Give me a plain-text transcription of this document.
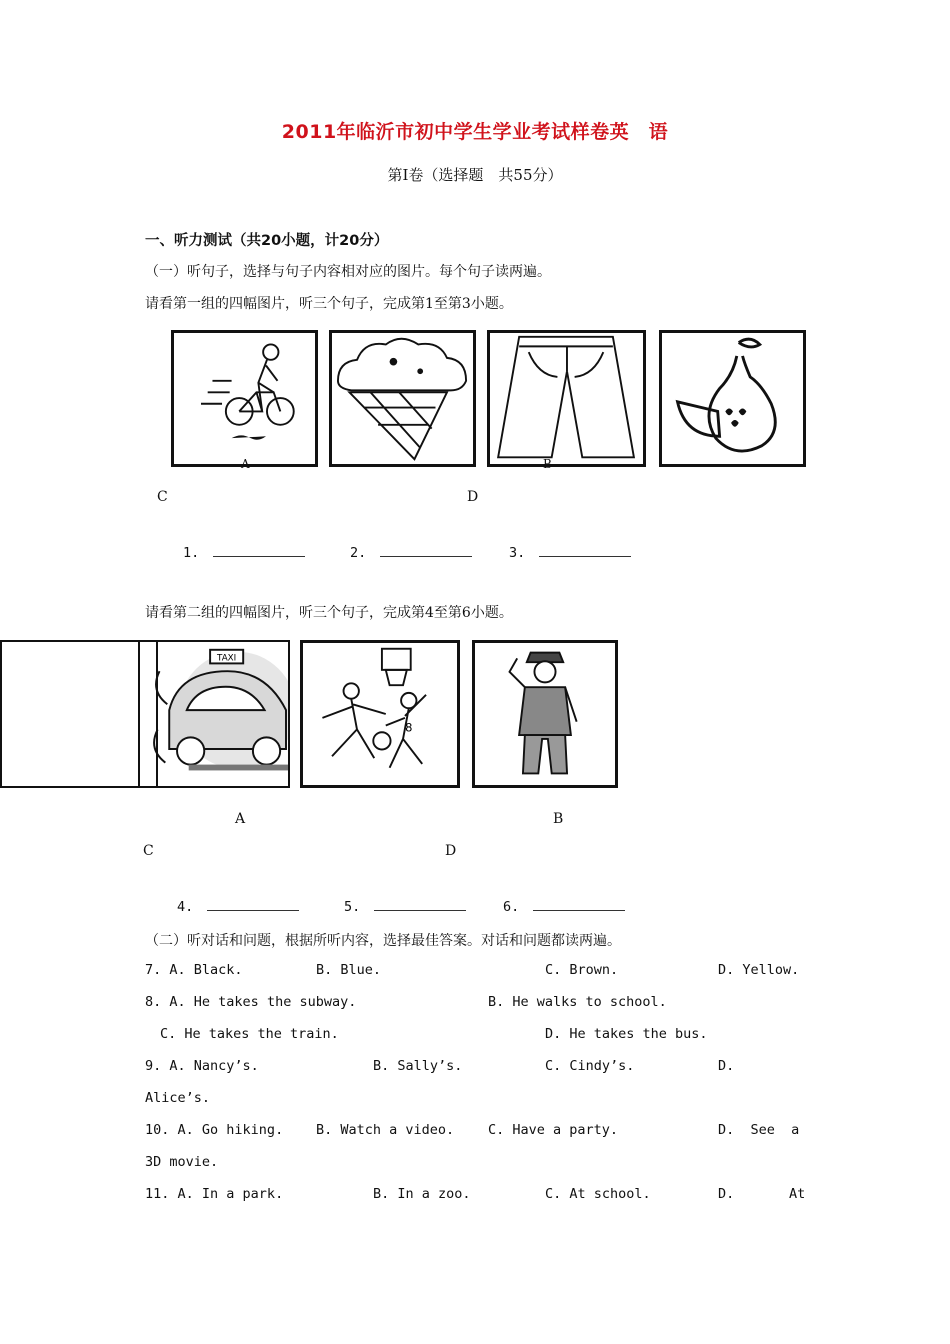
2011年临沂市初中学生学业考试样卷英　语
第Ⅰ卷（选择题　共55分）
一、听力测试（共20小题，计20分）
（一）听句子，选择与句子内容相对应的图片。每个句子读两遍。
请看第一组的四幅图片，听三个句子，完成第1至第3小题。
A	B
C	D
1.	2.	3.
请看第二组的四幅图片，听三个句子，完成第4至第6小题。
TAXI
8
A	B
C	D
4.	5.	6.
（二）听对话和问题，根据所听内容，选择最佳答案。对话和问题都读两遍。
7. A. Black.	B. Blue.	C. Brown.	D. Yellow.
8. A. He takes the subway.	B. He walks to school.
C. He takes the train.	D. He takes the bus.
9. A. Nancy’s.	B. Sally’s.	C. Cindy’s.	D.
Alice’s.
10. A. Go hiking. B. Watch a video.	C. Have a party.	D.  See  a
3D movie.
11. A. In a park.	B. In a zoo.	C. At school.	D.	At
